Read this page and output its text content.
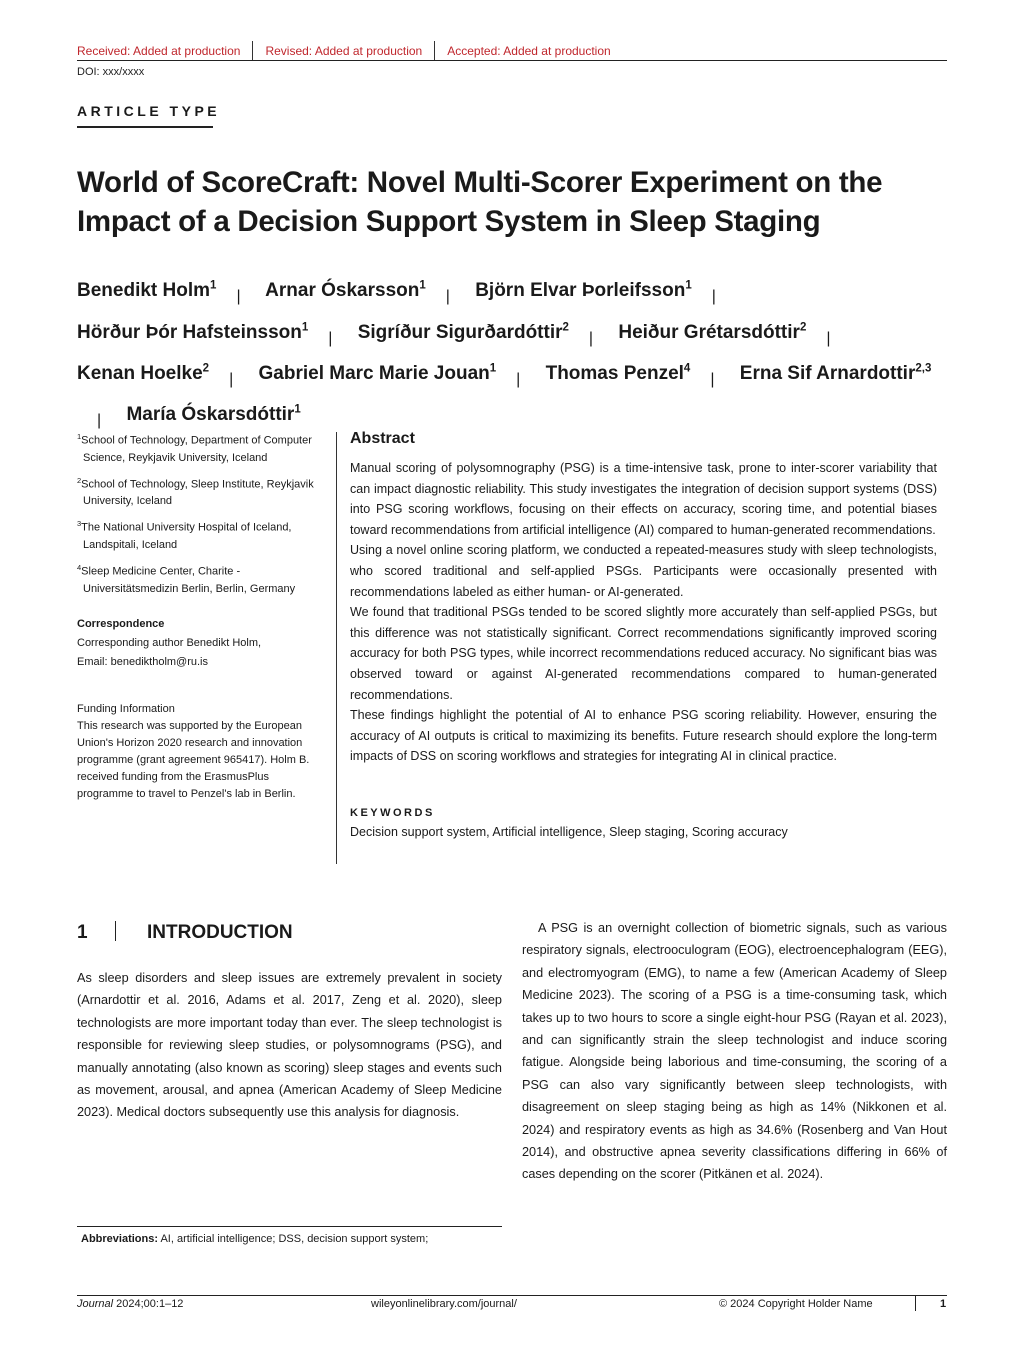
Received: Added at production	Revised: Added at production	Accepted: Added at production
DOI: xxx/xxxx
ARTICLE TYPE
World of ScoreCraft: Novel Multi-Scorer Experiment on the Impact of a Decision Support System in Sleep Staging
Benedikt Holm$^1$| Arnar Óskarsson$^1$| Björn Elvar Þorleifsson$^1$| Hörður Þór Hafsteinsson$^1$| Sigríður Sigurðardóttir$^2$| Heiður Grétarsdóttir$^2$| Kenan Hoelke$^2$| Gabriel Marc Marie Jouan$^1$| Thomas Penzel$^4$| Erna Sif Arnardottir$^{2,3}$| María Óskarsdóttir$^1$
$^1$School of Technology, Department of Computer Science, Reykjavik University, Iceland
$^2$School of Technology, Sleep Institute, Reykjavik University, Iceland
$^3$The National University Hospital of Iceland, Landspitali, Iceland
$^4$Sleep Medicine Center, Charite - Universitätsmedizin Berlin, Berlin, Germany
Correspondence
Corresponding author Benedikt Holm,
Email: benediktholm@ru.is
Funding Information
This research was supported by the European Union's Horizon 2020 research and innovation programme (grant agreement 965417). Holm B. received funding from the ErasmusPlus programme to travel to Penzel's lab in Berlin.
Abstract

Manual scoring of polysomnography (PSG) is a time-intensive task, prone to inter-scorer variability that can impact diagnostic reliability. This study investigates the integration of decision support systems (DSS) into PSG scoring workflows, focusing on their effects on accuracy, scoring time, and potential biases toward recommendations from artificial intelligence (AI) compared to human-generated recommendations.

Using a novel online scoring platform, we conducted a repeated-measures study with sleep technologists, who scored traditional and self-applied PSGs. Participants were occasionally presented with recommendations labeled as either human- or AI-generated.

We found that traditional PSGs tended to be scored slightly more accurately than self-applied PSGs, but this difference was not statistically significant. Correct recommendations significantly improved scoring accuracy for both PSG types, while incorrect recommendations reduced accuracy. No significant bias was observed toward or against AI-generated recommendations compared to human-generated recommendations.

These findings highlight the potential of AI to enhance PSG scoring reliability. However, ensuring the accuracy of AI outputs is critical to maximizing its benefits. Future research should explore the long-term impacts of DSS on scoring workflows and strategies for integrating AI in clinical practice.

KEYWORDS
Decision support system, Artificial intelligence, Sleep staging, Scoring accuracy
1	INTRODUCTION
As sleep disorders and sleep issues are extremely prevalent in society (Arnardottir et al. 2016, Adams et al. 2017, Zeng et al. 2020), sleep technologists are more important today than ever. The sleep technologist is responsible for reviewing sleep studies, or polysomnograms (PSG), and manually annotating (also known as scoring) sleep stages and events such as movement, arousal, and apnea (American Academy of Sleep Medicine 2023). Medical doctors subsequently use this analysis for diagnosis.
A PSG is an overnight collection of biometric signals, such as various respiratory signals, electrooculogram (EOG), electroencephalogram (EEG), and electromyogram (EMG), to name a few (American Academy of Sleep Medicine 2023). The scoring of a PSG is a time-consuming task, which takes up to two hours to score a single eight-hour PSG (Rayan et al. 2023), and can significantly strain the sleep technologist and induce scoring fatigue. Alongside being laborious and time-consuming, the scoring of a PSG can also vary significantly between sleep technologists, with disagreement on sleep staging being as high as 14% (Nikkonen et al. 2024) and respiratory events as high as 34.6% (Rosenberg and Van Hout 2014), and obstructive apnea severity classifications differing in 66% of cases depending on the scorer (Pitkänen et al. 2024).
Abbreviations: AI, artificial intelligence; DSS, decision support system;
Journal 2024;00:1–12	wileyonlinelibrary.com/journal/	© 2024 Copyright Holder Name	1
